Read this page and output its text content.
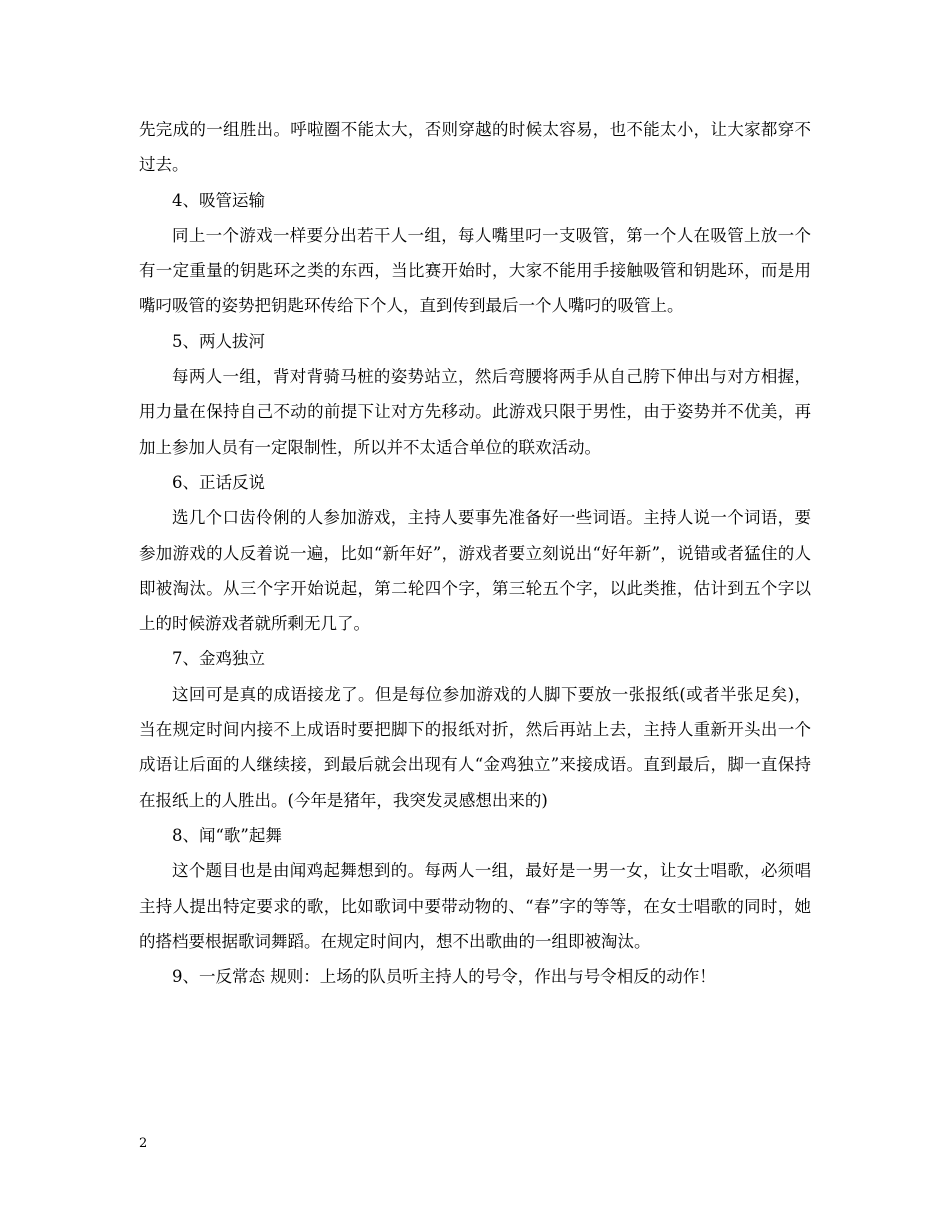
先完成的一组胜出。呼啦圈不能太大，否则穿越的时候太容易，也不能太小，让大家都穿不过去。

4、吸管运输

同上一个游戏一样要分出若干人一组，每人嘴里叼一支吸管，第一个人在吸管上放一个有一定重量的钥匙环之类的东西，当比赛开始时，大家不能用手接触吸管和钥匙环，而是用嘴叼吸管的姿势把钥匙环传给下个人，直到传到最后一个人嘴叼的吸管上。

5、两人拔河

每两人一组，背对背骑马桩的姿势站立，然后弯腰将两手从自己胯下伸出与对方相握，用力量在保持自己不动的前提下让对方先移动。此游戏只限于男性，由于姿势并不优美，再加上参加人员有一定限制性，所以并不太适合单位的联欢活动。

6、正话反说

选几个口齿伶俐的人参加游戏，主持人要事先准备好一些词语。主持人说一个词语，要参加游戏的人反着说一遍，比如“新年好”，游戏者要立刻说出“好年新”，说错或者猛住的人即被淘汰。从三个字开始说起，第二轮四个字，第三轮五个字，以此类推，估计到五个字以上的时候游戏者就所剩无几了。

7、金鸡独立

这回可是真的成语接龙了。但是每位参加游戏的人脚下要放一张报纸(或者半张足矣)，当在规定时间内接不上成语时要把脚下的报纸对折，然后再站上去，主持人重新开头出一个成语让后面的人继续接，到最后就会出现有人“金鸡独立”来接成语。直到最后，脚一直保持在报纸上的人胜出。(今年是猪年，我突发灵感想出来的)

8、闻“歌”起舞

这个题目也是由闻鸡起舞想到的。每两人一组，最好是一男一女，让女士唱歌，必须唱主持人提出特定要求的歌，比如歌词中要带动物的、“春”字的等等，在女士唱歌的同时，她的搭档要根据歌词舞蹈。在规定时间内，想不出歌曲的一组即被淘汰。

9、一反常态 规则：上场的队员听主持人的号令，作出与号令相反的动作！

2
